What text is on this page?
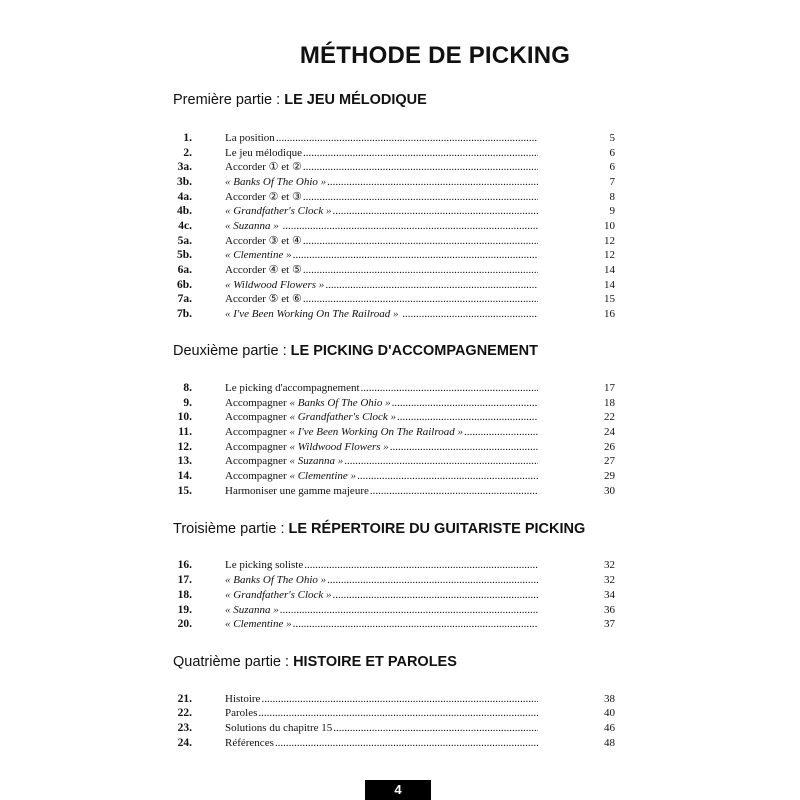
MÉTHODE DE PICKING
Première partie : LE JEU MÉLODIQUE
1.	La position .....	5
2.	Le jeu mélodique .....	6
3a.	Accorder ① et ② .....	6
3b.	« Banks Of The Ohio » .....	7
4a.	Accorder ② et ③ .....	8
4b.	« Grandfather's Clock » .....	9
4c.	« Suzanna » .....	10
5a.	Accorder ③ et ④ .....	12
5b.	« Clementine » .....	12
6a.	Accorder ④ et ⑤ .....	14
6b.	« Wildwood Flowers » .....	14
7a.	Accorder ⑤ et ⑥ .....	15
7b.	« I've Been Working On The Railroad » .....	16
Deuxième partie : LE PICKING D'ACCOMPAGNEMENT
8.	Le picking d'accompagnement .....	17
9.	Accompagner « Banks Of The Ohio » .....	18
10.	Accompagner « Grandfather's Clock » .....	22
11.	Accompagner « I've Been Working On The Railroad » .....	24
12.	Accompagner « Wildwood Flowers » .....	26
13.	Accompagner « Suzanna » .....	27
14.	Accompagner « Clementine » .....	29
15.	Harmoniser une gamme majeure .....	30
Troisième partie : LE RÉPERTOIRE DU GUITARISTE PICKING
16.	Le picking soliste .....	32
17.	« Banks Of The Ohio » .....	32
18.	« Grandfather's Clock » .....	34
19.	« Suzanna » .....	36
20.	« Clementine » .....	37
Quatrième partie : HISTOIRE ET PAROLES
21.	Histoire .....	38
22.	Paroles .....	40
23.	Solutions du chapitre 15 .....	46
24.	Références .....	48
4
